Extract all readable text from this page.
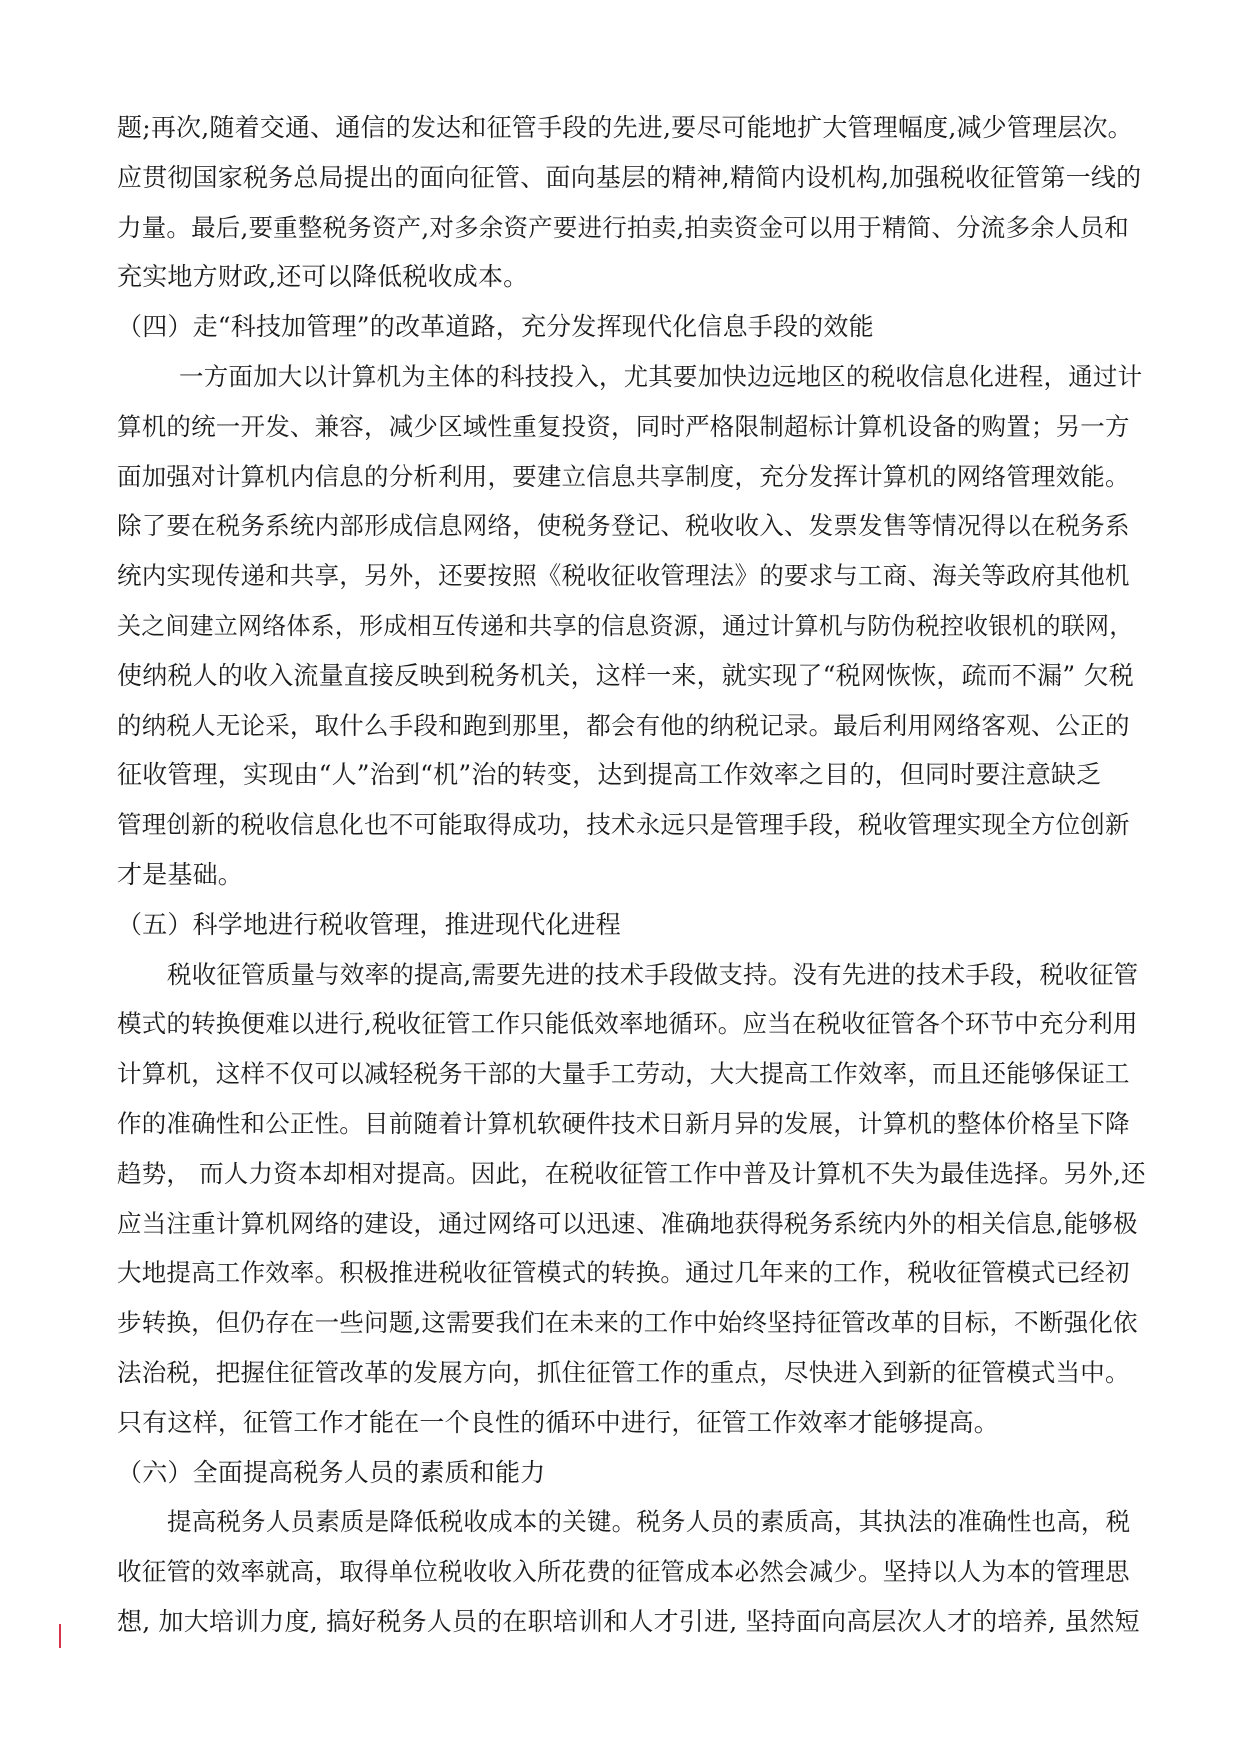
题;再次,随着交通、通信的发达和征管手段的先进,要尽可能地扩大管理幅度,减少管理层次。
应贯彻国家税务总局提出的面向征管、面向基层的精神,精简内设机构,加强税收征管第一线的
力量。最后,要重整税务资产,对多余资产要进行拍卖,拍卖资金可以用于精简、分流多余人员和
充实地方财政,还可以降低税收成本。
（四）走“科技加管理”的改革道路，充分发挥现代化信息手段的效能
一方面加大以计算机为主体的科技投入，尤其要加快边远地区的税收信息化进程，通过计
算机的统一开发、兼容，减少区域性重复投资，同时严格限制超标计算机设备的购置；另一方
面加强对计算机内信息的分析利用，要建立信息共享制度，充分发挥计算机的网络管理效能。
除了要在税务系统内部形成信息网络，使税务登记、税收收入、发票发售等情况得以在税务系
统内实现传递和共享，另外，还要按照《税收征收管理法》的要求与工商、海关等政府其他机
关之间建立网络体系，形成相互传递和共享的信息资源，通过计算机与防伪税控收银机的联网，
使纳税人的收入流量直接反映到税务机关，这样一来，就实现了“税网恢恢，疏而不漏” 欠税
的纳税人无论采，取什么手段和跑到那里，都会有他的纳税记录。最后利用网络客观、公正的
征收管理，实现由“人”治到“机”治的转变，达到提高工作效率之目的，但同时要注意缺乏
管理创新的税收信息化也不可能取得成功，技术永远只是管理手段，税收管理实现全方位创新
才是基础。
（五）科学地进行税收管理，推进现代化进程
税收征管质量与效率的提高,需要先进的技术手段做支持。没有先进的技术手段，税收征管
模式的转换便难以进行,税收征管工作只能低效率地循环。应当在税收征管各个环节中充分利用
计算机，这样不仅可以减轻税务干部的大量手工劳动，大大提高工作效率，而且还能够保证工
作的准确性和公正性。目前随着计算机软硬件技术日新月异的发展，计算机的整体价格呈下降
趋势， 而人力资本却相对提高。因此，在税收征管工作中普及计算机不失为最佳选择。另外,还
应当注重计算机网络的建设，通过网络可以迅速、准确地获得税务系统内外的相关信息,能够极
大地提高工作效率。积极推进税收征管模式的转换。通过几年来的工作，税收征管模式已经初
步转换，但仍存在一些问题,这需要我们在未来的工作中始终坚持征管改革的目标，不断强化依
法治税，把握住征管改革的发展方向，抓住征管工作的重点，尽快进入到新的征管模式当中。
只有这样，征管工作才能在一个良性的循环中进行，征管工作效率才能够提高。
（六）全面提高税务人员的素质和能力
提高税务人员素质是降低税收成本的关键。税务人员的素质高，其执法的准确性也高，税
收征管的效率就高，取得单位税收收入所花费的征管成本必然会减少。坚持以人为本的管理思
想, 加大培训力度, 搞好税务人员的在职培训和人才引进, 坚持面向高层次人才的培养, 虽然短
